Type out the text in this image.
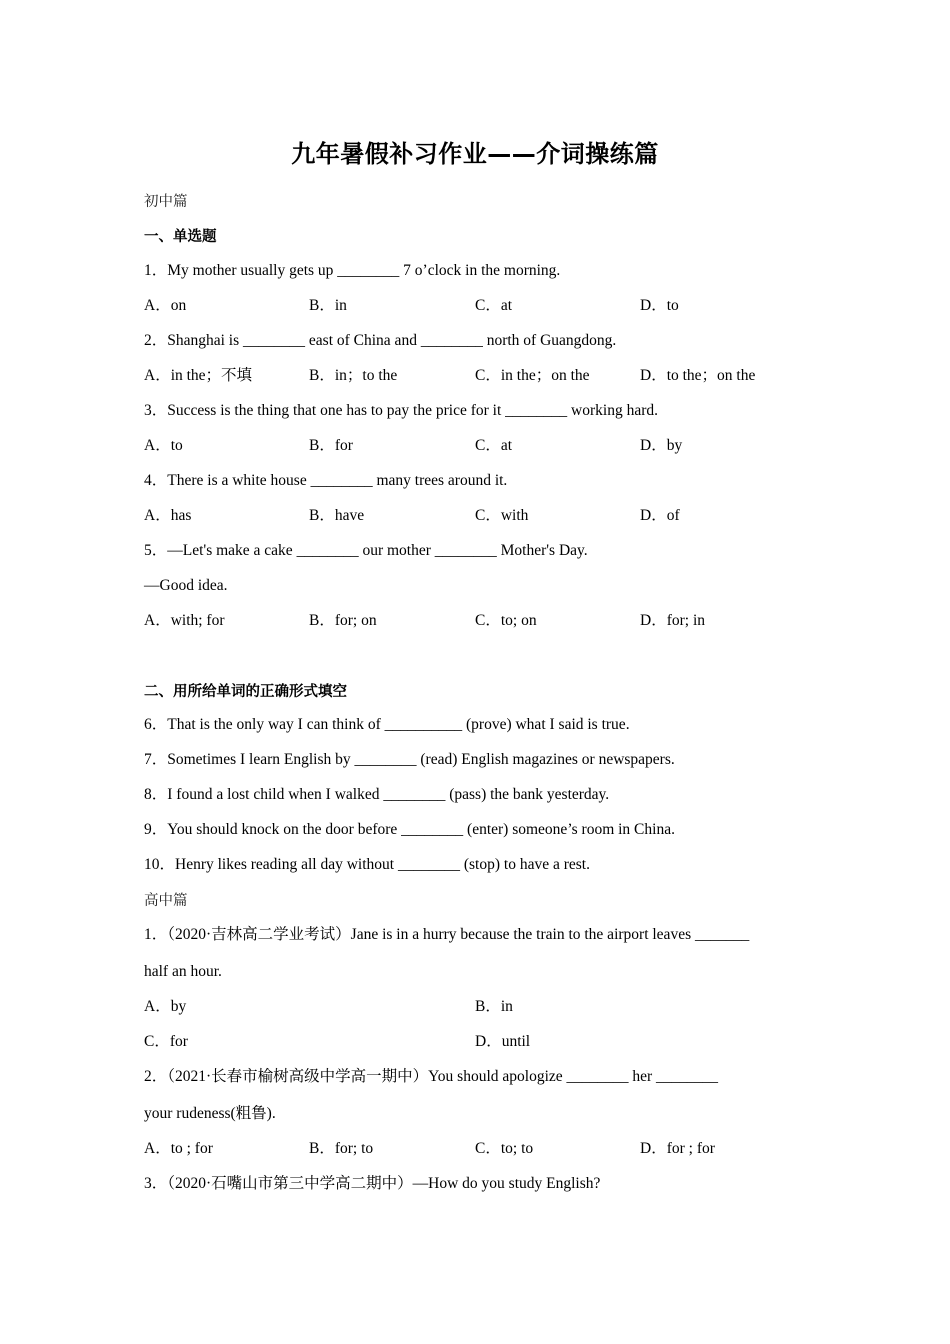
九年暑假补习作业——介词操练篇
初中篇
一、单选题
1．My mother usually gets up ________ 7 o’clock in the morning.
A．on	B．in	C．at	D．to
2．Shanghai is ________ east of China and ________ north of Guangdong.
A．in the；不填	B．in；to the	C．in the；on the	D．to the；on the
3．Success is the thing that one has to pay the price for it ________ working hard.
A．to	B．for	C．at	D．by
4．There is a white house ________ many trees around it.
A．has	B．have	C．with	D．of
5．—Let's make a cake ________ our mother ________ Mother's Day.
—Good idea.
A．with; for	B．for; on	C．to; on	D．for; in
二、用所给单词的正确形式填空
6．That is the only way I can think of __________ (prove) what I said is true.
7．Sometimes I learn English by ________ (read) English magazines or newspapers.
8．I found a lost child when I walked ________ (pass) the bank yesterday.
9．You should knock on the door before ________ (enter) someone’s room in China.
10．Henry likes reading all day without ________ (stop) to have a rest.
高中篇
1．（2020·吉林高二学业考试）Jane is in a hurry because the train to the airport leaves _______
half an hour.
A．by	B．in
C．for	D．until
2．（2021·长春市榆树高级中学高一期中）You should apologize ________ her ________
your rudeness(粗鲁).
A．to ; for	B．for; to	C．to; to	D．for ; for
3．（2020·石嘴山市第三中学高二期中）—How do you study English?
